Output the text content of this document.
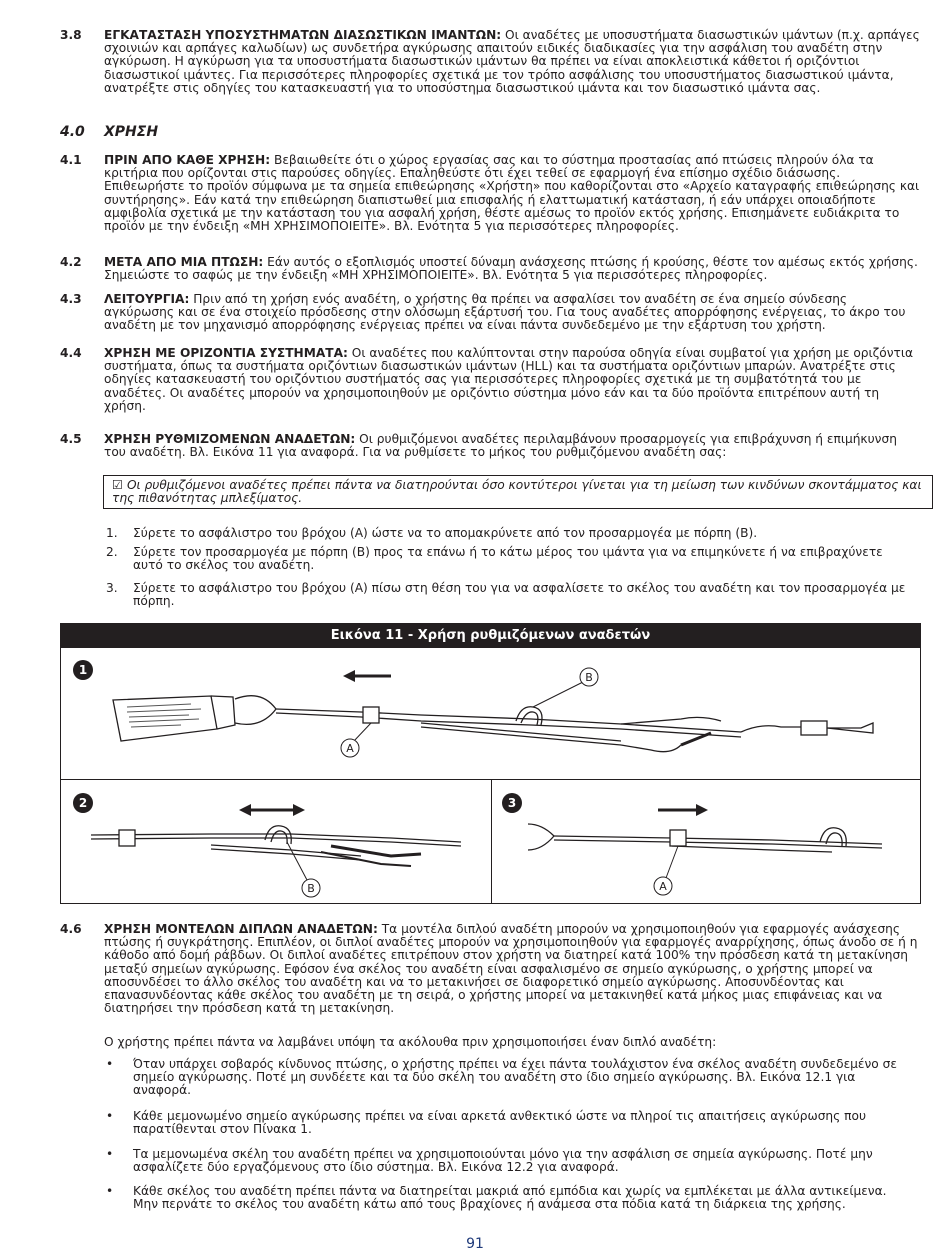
3.8 ΕΓΚΑΤΑΣΤΑΣΗ ΥΠΟΣΥΣΤΗΜΑΤΩΝ ΔΙΑΣΩΣΤΙΚΩΝ ΙΜΑΝΤΩΝ: Οι αναδέτες με υποσυστήματα διασωστικών ιμάντων (π.χ. αρπάγες σχοινιών και αρπάγες καλωδίων) ως συνδετήρα αγκύρωσης απαιτούν ειδικές διαδικασίες για την ασφάλιση του αναδέτη στην αγκύρωση. Η αγκύρωση για τα υποσυστήματα διασωστικών ιμάντων θα πρέπει να είναι αποκλειστικά κάθετοι ή οριζόντιοι διασωστικοί ιμάντες. Για περισσότερες πληροφορίες σχετικά με τον τρόπο ασφάλισης του υποσυστήματος διασωστικού ιμάντα, ανατρέξτε στις οδηγίες του κατασκευαστή για το υποσύστημα διασωστικού ιμάντα και τον διασωστικό ιμάντα σας.
4.0 ΧΡΗΣΗ
4.1 ΠΡΙΝ ΑΠΟ ΚΑΘΕ ΧΡΗΣΗ: Βεβαιωθείτε ότι ο χώρος εργασίας σας και το σύστημα προστασίας από πτώσεις πληρούν όλα τα κριτήρια που ορίζονται στις παρούσες οδηγίες. Επαληθεύστε ότι έχει τεθεί σε εφαρμογή ένα επίσημο σχέδιο διάσωσης. Επιθεωρήστε το προϊόν σύμφωνα με τα σημεία επιθεώρησης «Χρήστη» που καθορίζονται στο «Αρχείο καταγραφής επιθεώρησης και συντήρησης». Εάν κατά την επιθεώρηση διαπιστωθεί μια επισφαλής ή ελαττωματική κατάσταση, ή εάν υπάρχει οποιαδήποτε αμφιβολία σχετικά με την κατάσταση του για ασφαλή χρήση, θέστε αμέσως το προϊόν εκτός χρήσης. Επισημάνετε ευδιάκριτα το προϊόν με την ένδειξη «ΜΗ ΧΡΗΣΙΜΟΠΟΙΕΙΤΕ». Βλ. Ενότητα 5 για περισσότερες πληροφορίες.
4.2 ΜΕΤΑ ΑΠΟ ΜΙΑ ΠΤΩΣΗ: Εάν αυτός ο εξοπλισμός υποστεί δύναμη ανάσχεσης πτώσης ή κρούσης, θέστε τον αμέσως εκτός χρήσης. Σημειώστε το σαφώς με την ένδειξη «ΜΗ ΧΡΗΣΙΜΟΠΟΙΕΙΤΕ». Βλ. Ενότητα 5 για περισσότερες πληροφορίες.
4.3 ΛΕΙΤΟΥΡΓΙΑ: Πριν από τη χρήση ενός αναδέτη, ο χρήστης θα πρέπει να ασφαλίσει τον αναδέτη σε ένα σημείο σύνδεσης αγκύρωσης και σε ένα στοιχείο πρόσδεσης στην ολόσωμη εξάρτυσή του. Για τους αναδέτες απορρόφησης ενέργειας, το άκρο του αναδέτη με τον μηχανισμό απορρόφησης ενέργειας πρέπει να είναι πάντα συνδεδεμένο με την εξάρτυση του χρήστη.
4.4 ΧΡΗΣΗ ΜΕ ΟΡΙΖΟΝΤΙΑ ΣΥΣΤΗΜΑΤΑ: Οι αναδέτες που καλύπτονται στην παρούσα οδηγία είναι συμβατοί για χρήση με οριζόντια συστήματα, όπως τα συστήματα οριζόντιων διασωστικών ιμάντων (HLL) και τα συστήματα οριζόντιων μπαρών. Ανατρέξτε στις οδηγίες κατασκευαστή του οριζόντιου συστήματός σας για περισσότερες πληροφορίες σχετικά με τη συμβατότητά του με αναδέτες. Οι αναδέτες μπορούν να χρησιμοποιηθούν με οριζόντιο σύστημα μόνο εάν και τα δύο προϊόντα επιτρέπουν αυτή τη χρήση.
4.5 ΧΡΗΣΗ ΡΥΘΜΙΖΟΜΕΝΩΝ ΑΝΑΔΕΤΩΝ: Οι ρυθμιζόμενοι αναδέτες περιλαμβάνουν προσαρμογείς για επιβράχυνση ή επιμήκυνση του αναδέτη. Βλ. Εικόνα 11 για αναφορά. Για να ρυθμίσετε το μήκος του ρυθμιζόμενου αναδέτη σας:
☑ Οι ρυθμιζόμενοι αναδέτες πρέπει πάντα να διατηρούνται όσο κοντύτεροι γίνεται για τη μείωση των κινδύνων σκοντάμματος και της πιθανότητας μπλεξίματος.
1. Σύρετε το ασφάλιστρο του βρόχου (A) ώστε να το απομακρύνετε από τον προσαρμογέα με πόρπη (B).
2. Σύρετε τον προσαρμογέα με πόρπη (B) προς τα επάνω ή το κάτω μέρος του ιμάντα για να επιμηκύνετε ή να επιβραχύνετε αυτό το σκέλος του αναδέτη.
3. Σύρετε το ασφάλιστρο του βρόχου (A) πίσω στη θέση του για να ασφαλίσετε το σκέλος του αναδέτη και τον προσαρμογέα με πόρπη.
Εικόνα 11 - Χρήση ρυθμιζόμενων αναδετών
1
2	3
A
B
B	A
4.6 ΧΡΗΣΗ ΜΟΝΤΕΛΩΝ ΔΙΠΛΩΝ ΑΝΑΔΕΤΩΝ: Τα μοντέλα διπλού αναδέτη μπορούν να χρησιμοποιηθούν για εφαρμογές ανάσχεσης πτώσης ή συγκράτησης. Επιπλέον, οι διπλοί αναδέτες μπορούν να χρησιμοποιηθούν για εφαρμογές αναρρίχησης, όπως άνοδο σε ή η κάθοδο από δομή ράβδων. Οι διπλοί αναδέτες επιτρέπουν στον χρήστη να διατηρεί κατά 100% την πρόσδεση κατά τη μετακίνηση μεταξύ σημείων αγκύρωσης. Εφόσον ένα σκέλος του αναδέτη είναι ασφαλισμένο σε σημείο αγκύρωσης, ο χρήστης μπορεί να αποσυνδέσει το άλλο σκέλος του αναδέτη και να το μετακινήσει σε διαφορετικό σημείο αγκύρωσης. Αποσυνδέοντας και επανασυνδέοντας κάθε σκέλος του αναδέτη με τη σειρά, ο χρήστης μπορεί να μετακινηθεί κατά μήκος μιας επιφάνειας και να διατηρήσει την πρόσδεση κατά τη μετακίνηση.
Ο χρήστης πρέπει πάντα να λαμβάνει υπόψη τα ακόλουθα πριν χρησιμοποιήσει έναν διπλό αναδέτη:
• Όταν υπάρχει σοβαρός κίνδυνος πτώσης, ο χρήστης πρέπει να έχει πάντα τουλάχιστον ένα σκέλος αναδέτη συνδεδεμένο σε σημείο αγκύρωσης. Ποτέ μη συνδέετε και τα δύο σκέλη του αναδέτη στο ίδιο σημείο αγκύρωσης. Βλ. Εικόνα 12.1 για αναφορά.
• Κάθε μεμονωμένο σημείο αγκύρωσης πρέπει να είναι αρκετά ανθεκτικό ώστε να πληροί τις απαιτήσεις αγκύρωσης που παρατίθενται στον Πίνακα 1.
• Τα μεμονωμένα σκέλη του αναδέτη πρέπει να χρησιμοποιούνται μόνο για την ασφάλιση σε σημεία αγκύρωσης. Ποτέ μην ασφαλίζετε δύο εργαζόμενους στο ίδιο σύστημα. Βλ. Εικόνα 12.2 για αναφορά.
• Κάθε σκέλος του αναδέτη πρέπει πάντα να διατηρείται μακριά από εμπόδια και χωρίς να εμπλέκεται με άλλα αντικείμενα. Μην περνάτε το σκέλος του αναδέτη κάτω από τους βραχίονες ή ανάμεσα στα πόδια κατά τη διάρκεια της χρήσης.
91
